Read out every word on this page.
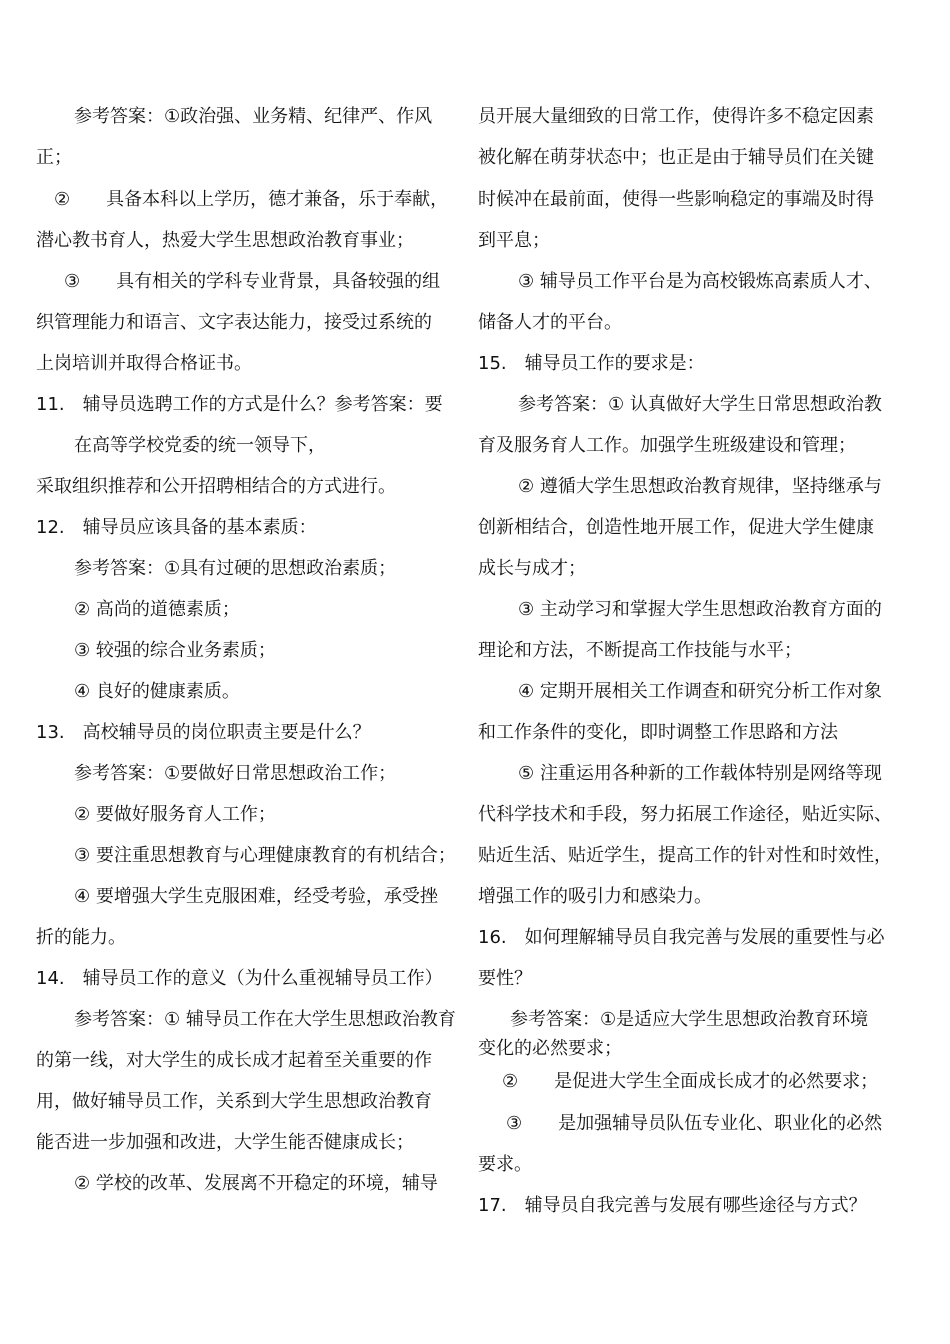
参考答案：①政治强、业务精、纪律严、作风
正；
②　　具备本科以上学历，德才兼备，乐于奉献，
潜心教书育人，热爱大学生思想政治教育事业；
③　　具有相关的学科专业背景，具备较强的组
织管理能力和语言、文字表达能力，接受过系统的
上岗培训并取得合格证书。
11.　辅导员选聘工作的方式是什么？参考答案：要
在高等学校党委的统一领导下，
采取组织推荐和公开招聘相结合的方式进行。
12.　辅导员应该具备的基本素质：
参考答案：①具有过硬的思想政治素质；
② 高尚的道德素质；
③ 较强的综合业务素质；
④ 良好的健康素质。
13.　高校辅导员的岗位职责主要是什么？
参考答案：①要做好日常思想政治工作；
② 要做好服务育人工作；
③ 要注重思想教育与心理健康教育的有机结合；
④ 要增强大学生克服困难，经受考验，承受挫
折的能力。
14.　辅导员工作的意义（为什么重视辅导员工作）
参考答案：① 辅导员工作在大学生思想政治教育
的第一线，对大学生的成长成才起着至关重要的作
用，做好辅导员工作，关系到大学生思想政治教育
能否进一步加强和改进，大学生能否健康成长；
② 学校的改革、发展离不开稳定的环境，辅导
员开展大量细致的日常工作，使得许多不稳定因素
被化解在萌芽状态中；也正是由于辅导员们在关键
时候冲在最前面，使得一些影响稳定的事端及时得
到平息；
③ 辅导员工作平台是为高校锻炼高素质人才、
储备人才的平台。
15.　辅导员工作的要求是：
参考答案：① 认真做好大学生日常思想政治教
育及服务育人工作。加强学生班级建设和管理；
② 遵循大学生思想政治教育规律，坚持继承与
创新相结合，创造性地开展工作，促进大学生健康
成长与成才；
③ 主动学习和掌握大学生思想政治教育方面的
理论和方法，不断提高工作技能与水平；
④ 定期开展相关工作调查和研究分析工作对象
和工作条件的变化，即时调整工作思路和方法
⑤ 注重运用各种新的工作载体特别是网络等现
代科学技术和手段，努力拓展工作途径，贴近实际、
贴近生活、贴近学生，提高工作的针对性和时效性，
增强工作的吸引力和感染力。
16.　如何理解辅导员自我完善与发展的重要性与必
要性？
参考答案：①是适应大学生思想政治教育环境
变化的必然要求；
②　　是促进大学生全面成长成才的必然要求；
③　　是加强辅导员队伍专业化、职业化的必然
要求。
17.　辅导员自我完善与发展有哪些途径与方式？
